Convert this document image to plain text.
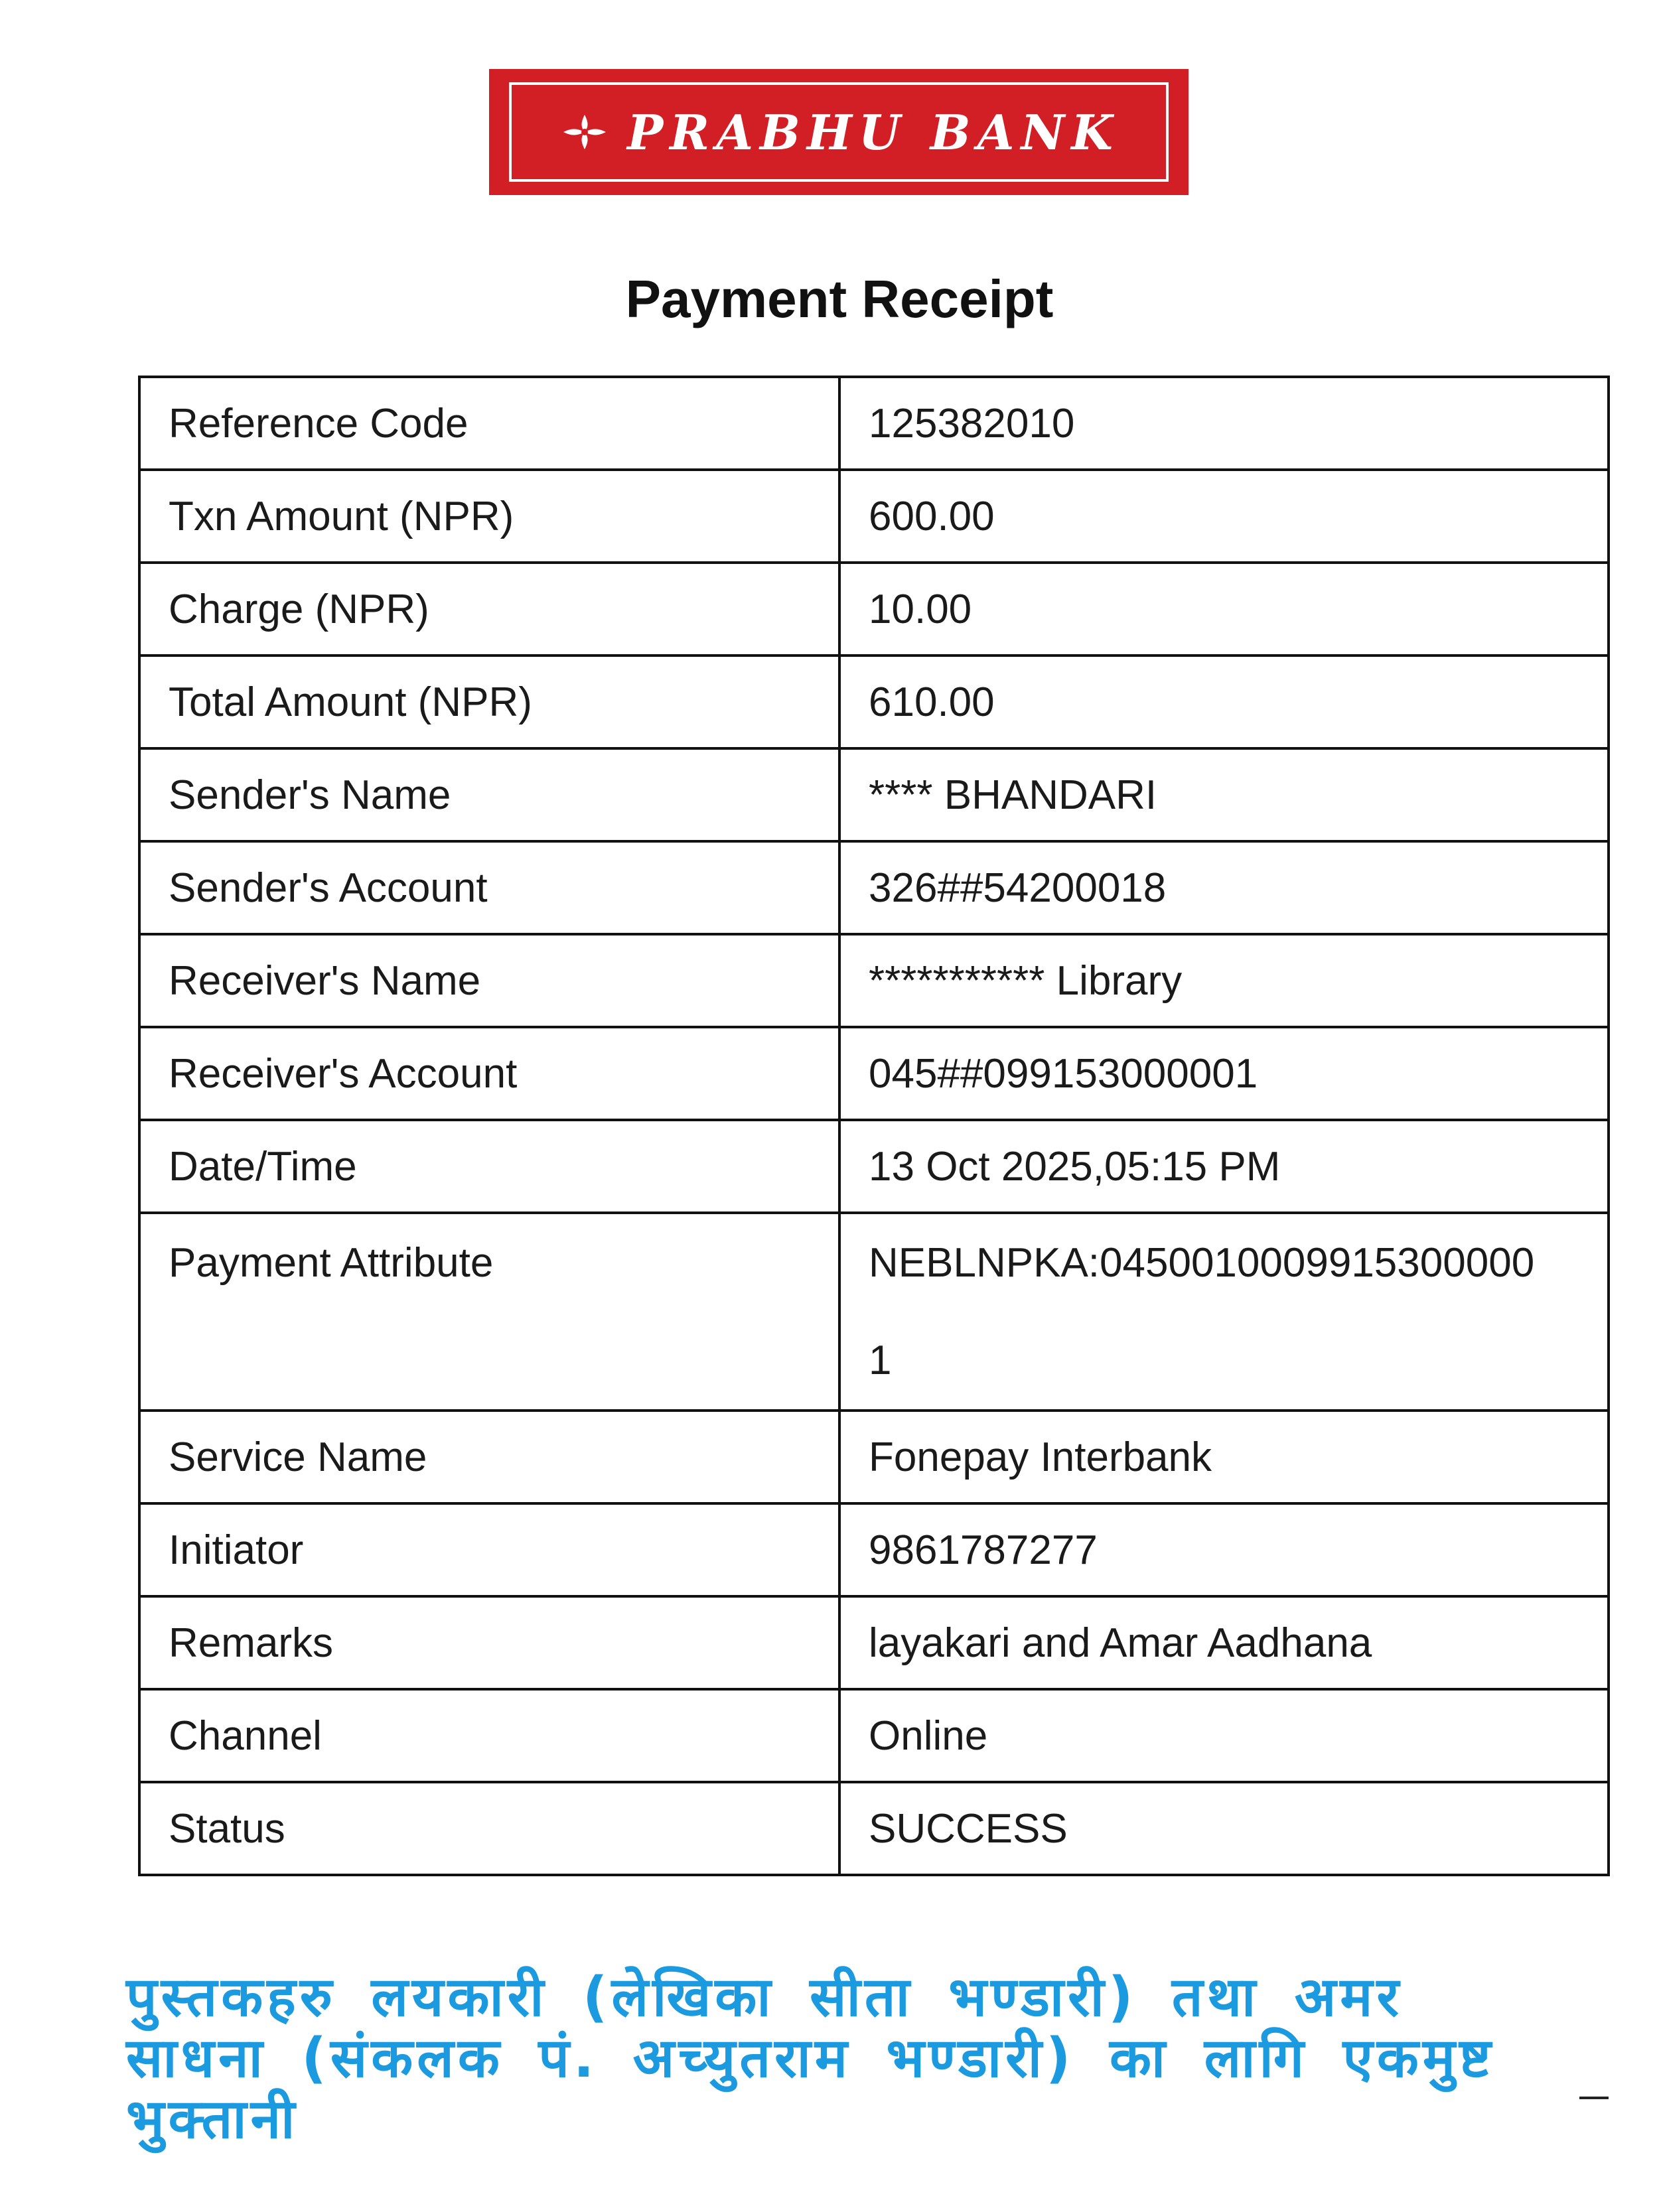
PRABHU BANK
Payment Receipt
Reference Code	125382010
Txn Amount (NPR)	600.00
Charge (NPR)	10.00
Total Amount (NPR)	610.00
Sender's Name	**** BHANDARI
Sender's Account	326##54200018
Receiver's Name	*********** Library
Receiver's Account	045##099153000001
Date/Time	13 Oct 2025,05:15 PM
Payment Attribute	NEBLNPKA:0450010009915300000
1

Service Name	Fonepay Interbank
Initiator	9861787277
Remarks	layakari and Amar Aadhana
Channel	Online
Status	SUCCESS
पुस्तकहरु लयकारी (लेखिका सीता भण्डारी) तथा अमर साधना (संकलक पं. अच्युतराम भण्डारी) का लागि एकमुष्ट भुक्तानी
